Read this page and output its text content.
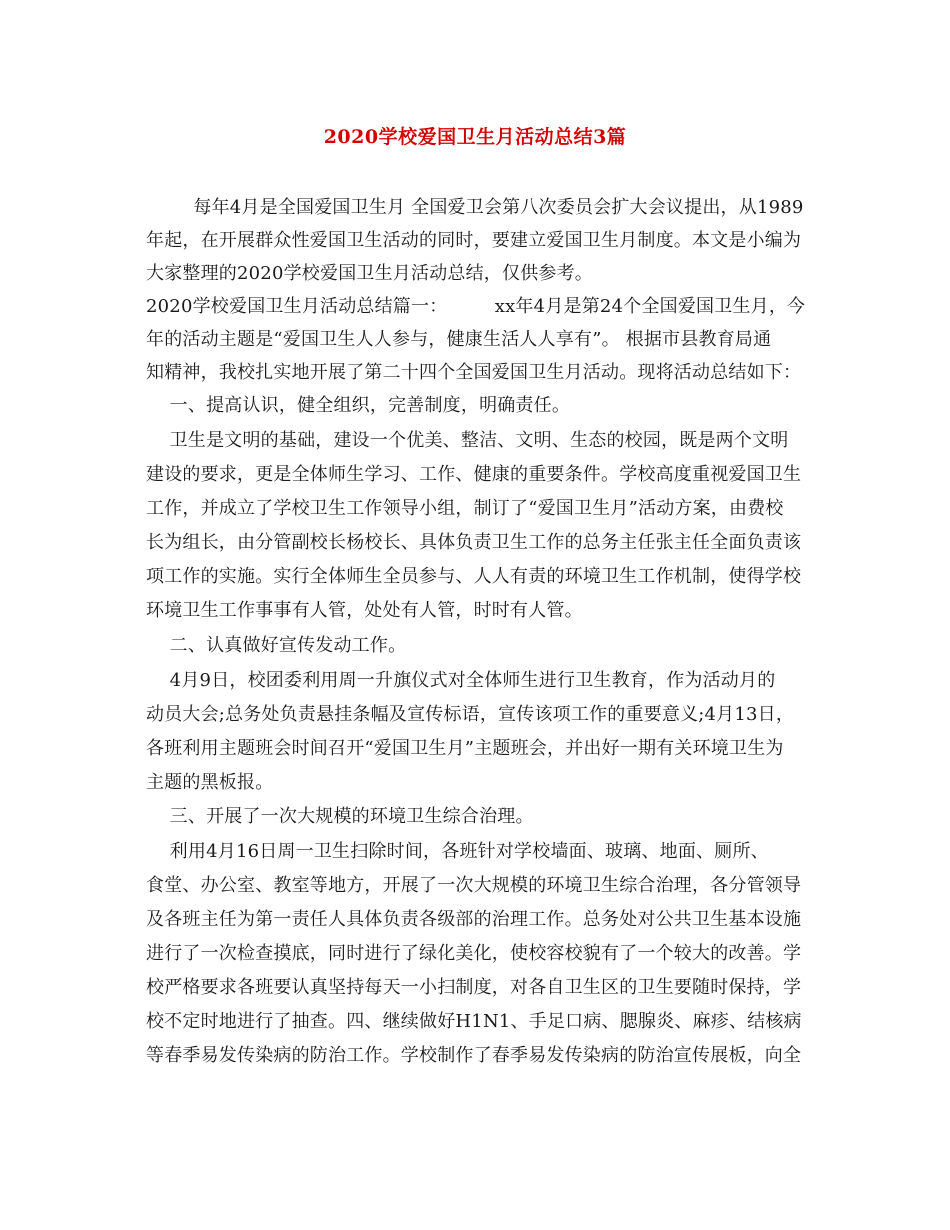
2020学校爱国卫生月活动总结3篇
每年4月是全国爱国卫生月 全国爱卫会第八次委员会扩大会议提出，从1989
年起，在开展群众性爱国卫生活动的同时，要建立爱国卫生月制度。本文是小编为
大家整理的2020学校爱国卫生月活动总结，仅供参考。
2020学校爱国卫生月活动总结篇一：        xx年4月是第24个全国爱国卫生月，今
年的活动主题是“爱国卫生人人参与，健康生活人人享有”。 根据市县教育局通
知精神，我校扎实地开展了第二十四个全国爱国卫生月活动。现将活动总结如下：
一、提高认识，健全组织，完善制度，明确责任。
卫生是文明的基础，建设一个优美、整洁、文明、生态的校园，既是两个文明
建设的要求，更是全体师生学习、工作、健康的重要条件。学校高度重视爱国卫生
工作，并成立了学校卫生工作领导小组，制订了“爱国卫生月”活动方案，由费校
长为组长，由分管副校长杨校长、具体负责卫生工作的总务主任张主任全面负责该
项工作的实施。实行全体师生全员参与、人人有责的环境卫生工作机制，使得学校
环境卫生工作事事有人管，处处有人管，时时有人管。
二、认真做好宣传发动工作。
4月9日，校团委利用周一升旗仪式对全体师生进行卫生教育，作为活动月的
动员大会;总务处负责悬挂条幅及宣传标语，宣传该项工作的重要意义;4月13日，
各班利用主题班会时间召开“爱国卫生月”主题班会，并出好一期有关环境卫生为
主题的黑板报。
三、开展了一次大规模的环境卫生综合治理。
利用4月16日周一卫生扫除时间，各班针对学校墙面、玻璃、地面、厕所、
食堂、办公室、教室等地方，开展了一次大规模的环境卫生综合治理，各分管领导
及各班主任为第一责任人具体负责各级部的治理工作。总务处对公共卫生基本设施
进行了一次检查摸底，同时进行了绿化美化，使校容校貌有了一个较大的改善。学
校严格要求各班要认真坚持每天一小扫制度，对各自卫生区的卫生要随时保持，学
校不定时地进行了抽查。四、继续做好H1N1、手足口病、腮腺炎、麻疹、结核病
等春季易发传染病的防治工作。学校制作了春季易发传染病的防治宣传展板，向全
